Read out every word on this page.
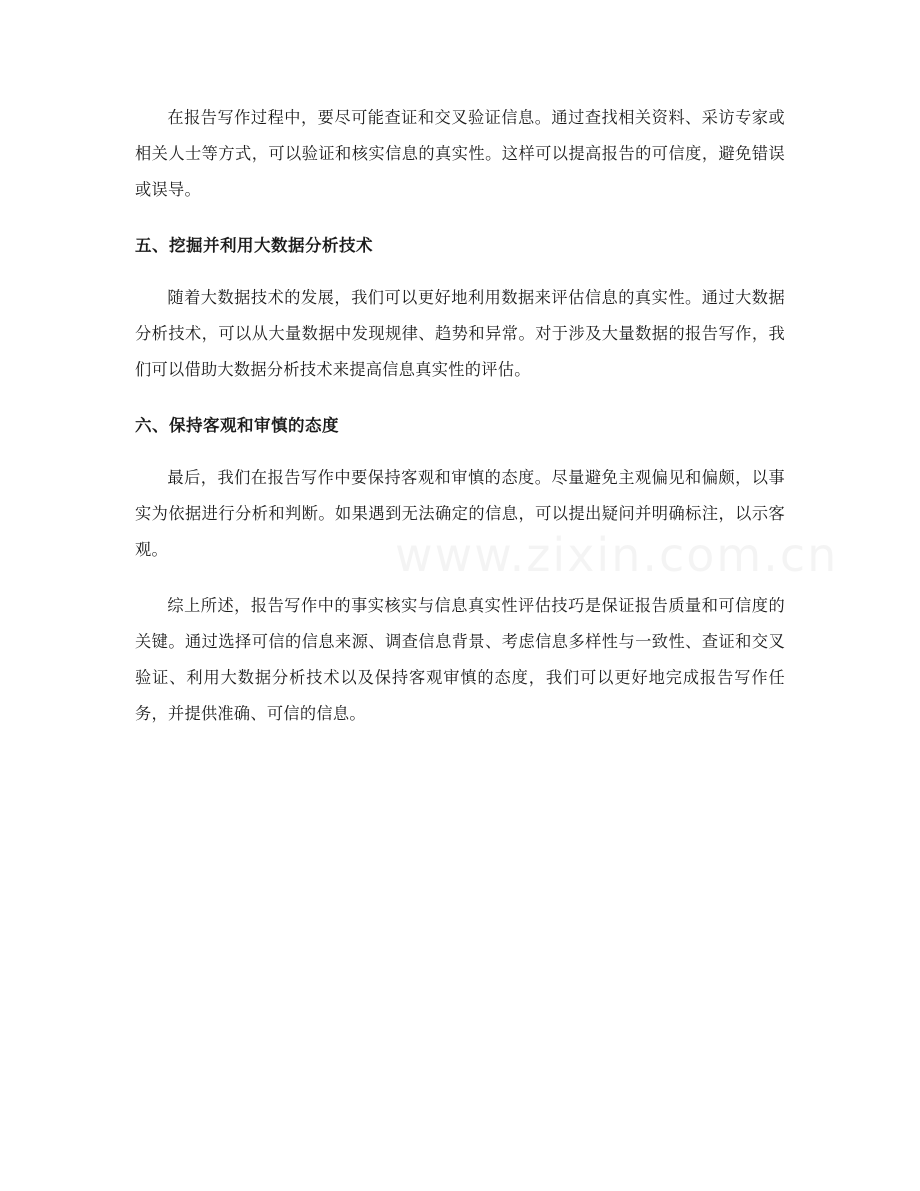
在报告写作过程中，要尽可能查证和交叉验证信息。通过查找相关资料、采访专家或相关人士等方式，可以验证和核实信息的真实性。这样可以提高报告的可信度，避免错误或误导。

五、挖掘并利用大数据分析技术

随着大数据技术的发展，我们可以更好地利用数据来评估信息的真实性。通过大数据分析技术，可以从大量数据中发现规律、趋势和异常。对于涉及大量数据的报告写作，我们可以借助大数据分析技术来提高信息真实性的评估。

六、保持客观和审慎的态度

最后，我们在报告写作中要保持客观和审慎的态度。尽量避免主观偏见和偏颇，以事实为依据进行分析和判断。如果遇到无法确定的信息，可以提出疑问并明确标注，以示客观。

综上所述，报告写作中的事实核实与信息真实性评估技巧是保证报告质量和可信度的关键。通过选择可信的信息来源、调查信息背景、考虑信息多样性与一致性、查证和交叉验证、利用大数据分析技术以及保持客观审慎的态度，我们可以更好地完成报告写作任务，并提供准确、可信的信息。
